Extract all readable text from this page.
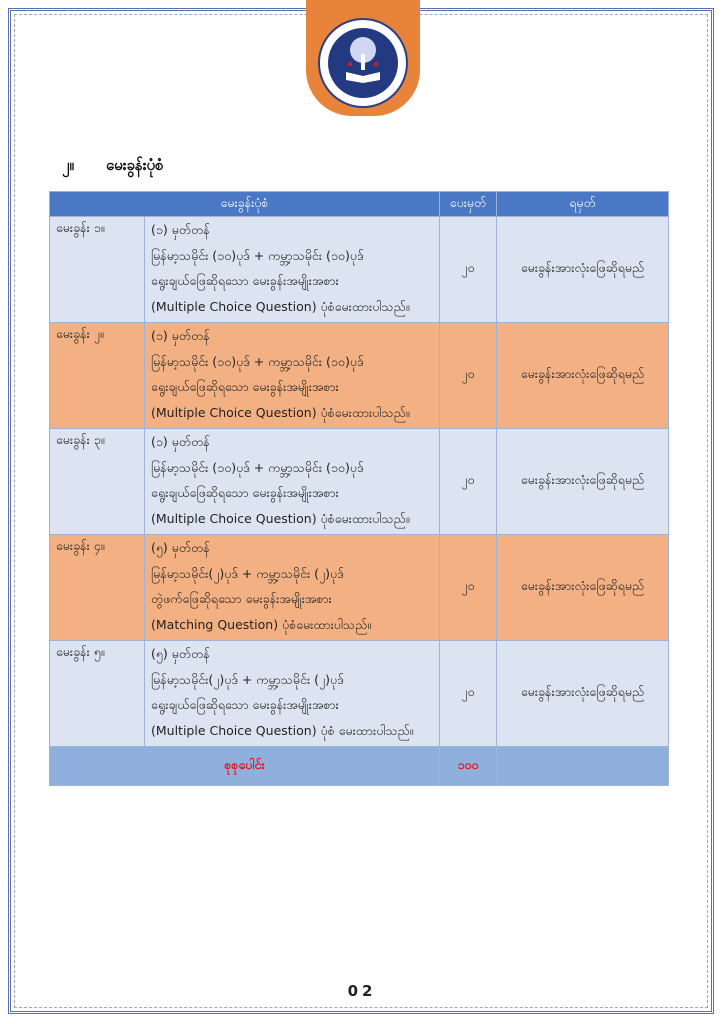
၂။ မေးခွန်းပုံစံ
မေးခွန်းပုံစံ		ပေးမှတ်	ရမှတ်
မေးခွန်း ၁။	(၁) မှတ်တန်
မြန်မာ့သမိုင်း (၁၀)ပုဒ် + ကမ္ဘာ့သမိုင်း (၁၀)ပုဒ်
ရွေးချယ်ဖြေဆိုရသော မေးခွန်းအမျိုးအစား
(Multiple Choice Question) ပုံစံမေးထားပါသည်။	၂၀	မေးခွန်းအားလုံးဖြေဆိုရမည်
မေးခွန်း ၂။	(၁) မှတ်တန်
မြန်မာ့သမိုင်း (၁၀)ပုဒ် + ကမ္ဘာ့သမိုင်း (၁၀)ပုဒ်
ရွေးချယ်ဖြေဆိုရသော မေးခွန်းအမျိုးအစား
(Multiple Choice Question) ပုံစံမေးထားပါသည်။	၂၀	မေးခွန်းအားလုံးဖြေဆိုရမည်
မေးခွန်း ၃။	(၁) မှတ်တန်
မြန်မာ့သမိုင်း (၁၀)ပုဒ် + ကမ္ဘာ့သမိုင်း (၁၀)ပုဒ်
ရွေးချယ်ဖြေဆိုရသော မေးခွန်းအမျိုးအစား
(Multiple Choice Question) ပုံစံမေးထားပါသည်။	၂၀	မေးခွန်းအားလုံးဖြေဆိုရမည်
မေးခွန်း ၄။	(၅) မှတ်တန်
မြန်မာ့သမိုင်း(၂)ပုဒ် + ကမ္ဘာ့သမိုင်း (၂)ပုဒ်
တွဲဖက်ဖြေဆိုရသော မေးခွန်းအမျိုးအစား
(Matching Question) ပုံစံမေးထားပါသည်။	၂၀	မေးခွန်းအားလုံးဖြေဆိုရမည်
မေးခွန်း ၅။	(၅) မှတ်တန်
မြန်မာ့သမိုင်း(၂)ပုဒ် + ကမ္ဘာ့သမိုင်း (၂)ပုဒ်
ရွေးချယ်ဖြေဆိုရသော မေးခွန်းအမျိုးအစား
(Multiple Choice Question) ပုံစံ မေးထားပါသည်။	၂၀	မေးခွန်းအားလုံးဖြေဆိုရမည်
စုစုပေါင်း		၁၀၀	
02
